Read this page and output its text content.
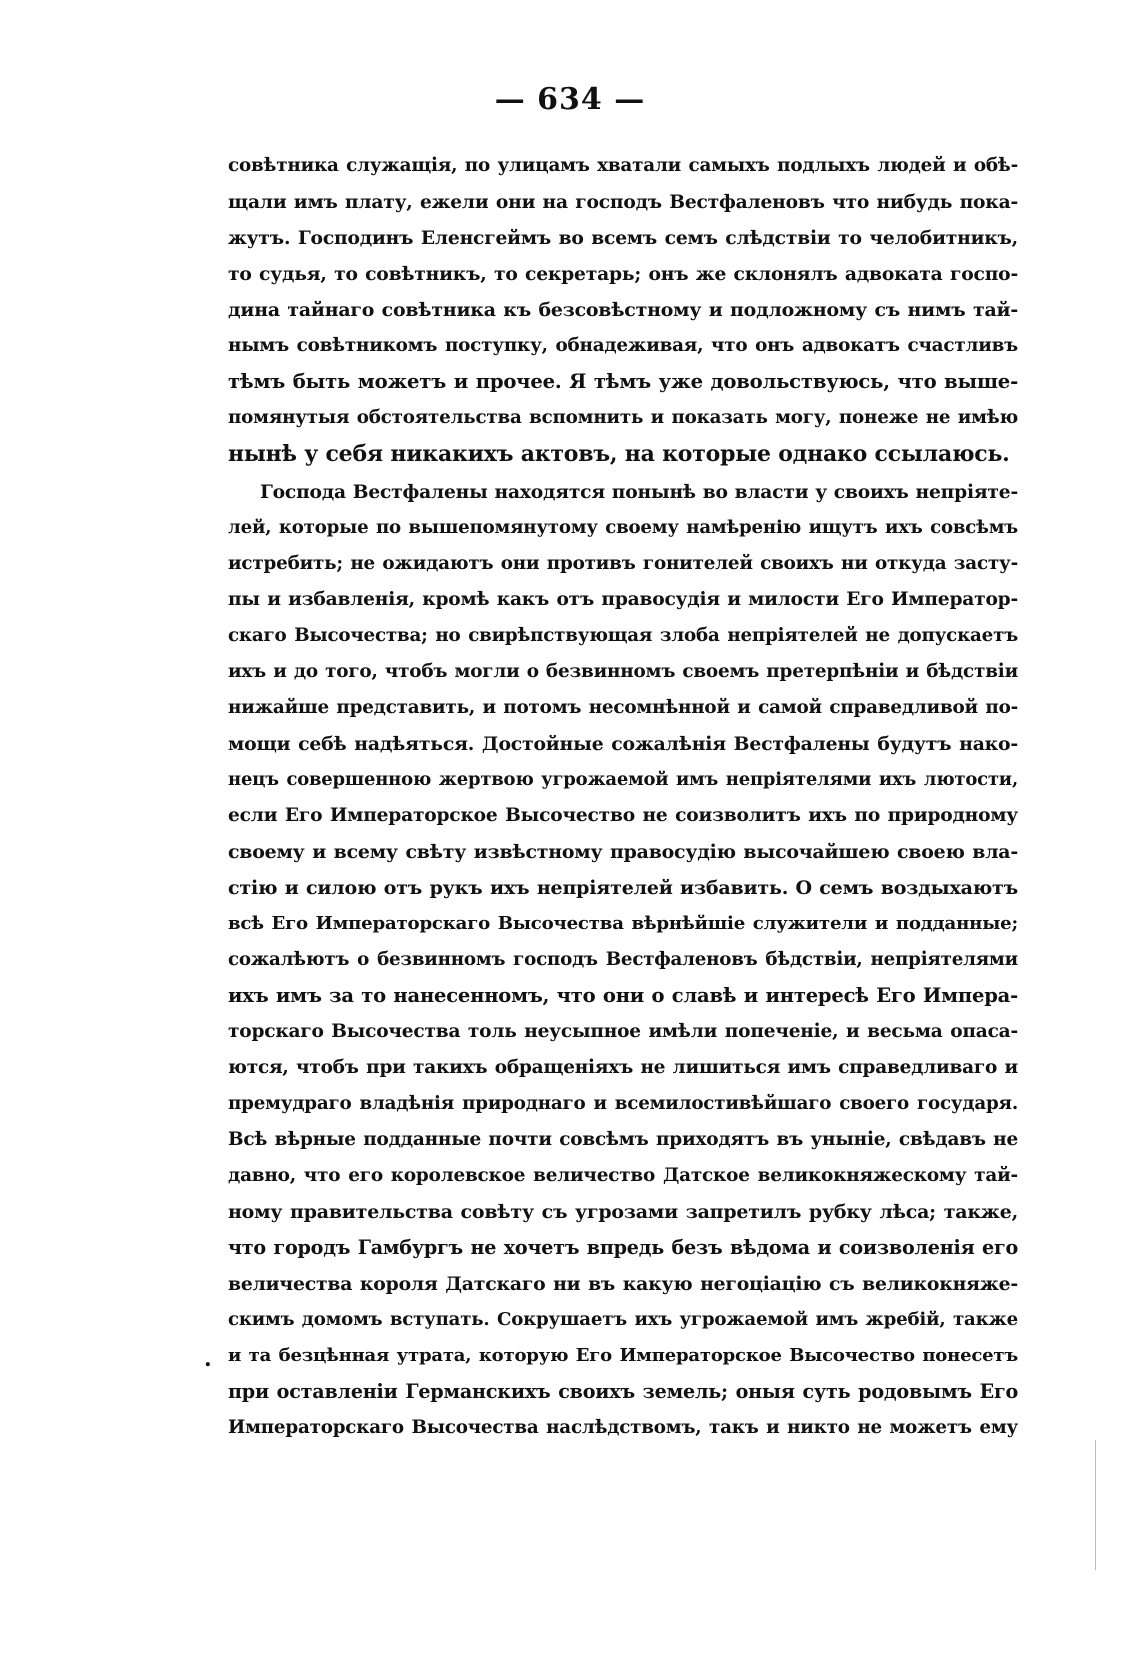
— 634 —
совѣтника служащія, по улицамъ хватали самыхъ подлыхъ людей и обѣ-
щали имъ плату, ежели они на господъ Вестфаленовъ что нибудь пока-
жутъ. Господинъ Еленсгеймъ во всемъ семъ слѣдствіи то челобитникъ,
то судья, то совѣтникъ, то секретарь; онъ же склонялъ адвоката госпо-
дина тайнаго совѣтника къ безсовѣстному и подложному съ нимъ тай-
нымъ совѣтникомъ поступку, обнадеживая, что онъ адвокатъ счастливъ
тѣмъ быть можетъ и прочее. Я тѣмъ уже довольствуюсь, что выше-
помянутыя обстоятельства вспомнить и показать могу, понеже не имѣю
нынѣ у себя никакихъ актовъ, на которые однако ссылаюсь.
Господа Вестфалены находятся понынѣ во власти у своихъ непріяте-
лей, которые по вышепомянутому своему намѣренію ищутъ ихъ совсѣмъ
истребить; не ожидаютъ они противъ гонителей своихъ ни откуда засту-
пы и избавленія, кромѣ какъ отъ правосудія и милости Его Император-
скаго Высочества; но свирѣпствующая злоба непріятелей не допускаетъ
ихъ и до того, чтобъ могли о безвинномъ своемъ претерпѣніи и бѣдствіи
нижайше представить, и потомъ несомнѣнной и самой справедливой по-
мощи себѣ надѣяться. Достойные сожалѣнія Вестфалены будутъ нако-
нецъ совершенною жертвою угрожаемой имъ непріятелями ихъ лютости,
если Его Императорское Высочество не соизволитъ ихъ по природному
своему и всему свѣту извѣстному правосудію высочайшею своею вла-
стію и силою отъ рукъ ихъ непріятелей избавить. О семъ воздыхаютъ
всѣ Его Императорскаго Высочества вѣрнѣйшіе служители и подданные;
сожалѣютъ о безвинномъ господъ Вестфаленовъ бѣдствіи, непріятелями
ихъ имъ за то нанесенномъ, что они о славѣ и интересѣ Его Импера-
торскаго Высочества толь неусыпное имѣли попеченіе, и весьма опаса-
ются, чтобъ при такихъ обращеніяхъ не лишиться имъ справедливаго и
премудраго владѣнія природнаго и всемилостивѣйшаго своего государя.
Всѣ вѣрные подданные почти совсѣмъ приходятъ въ уныніе, свѣдавъ не
давно, что его королевское величество Датское великокняжескому тай-
ному правительства совѣту съ угрозами запретилъ рубку лѣса; также,
что городъ Гамбургъ не хочетъ впредь безъ вѣдома и соизволенія его
величества короля Датскаго ни въ какую негоціацію съ великокняже-
скимъ домомъ вступать. Сокрушаетъ ихъ угрожаемой имъ жребій, также
и та безцѣнная утрата, которую Его Императорское Высочество понесетъ
при оставленіи Германскихъ своихъ земель; оныя суть родовымъ Его
Императорскаго Высочества наслѣдствомъ, такъ и никто не можетъ ему
.
